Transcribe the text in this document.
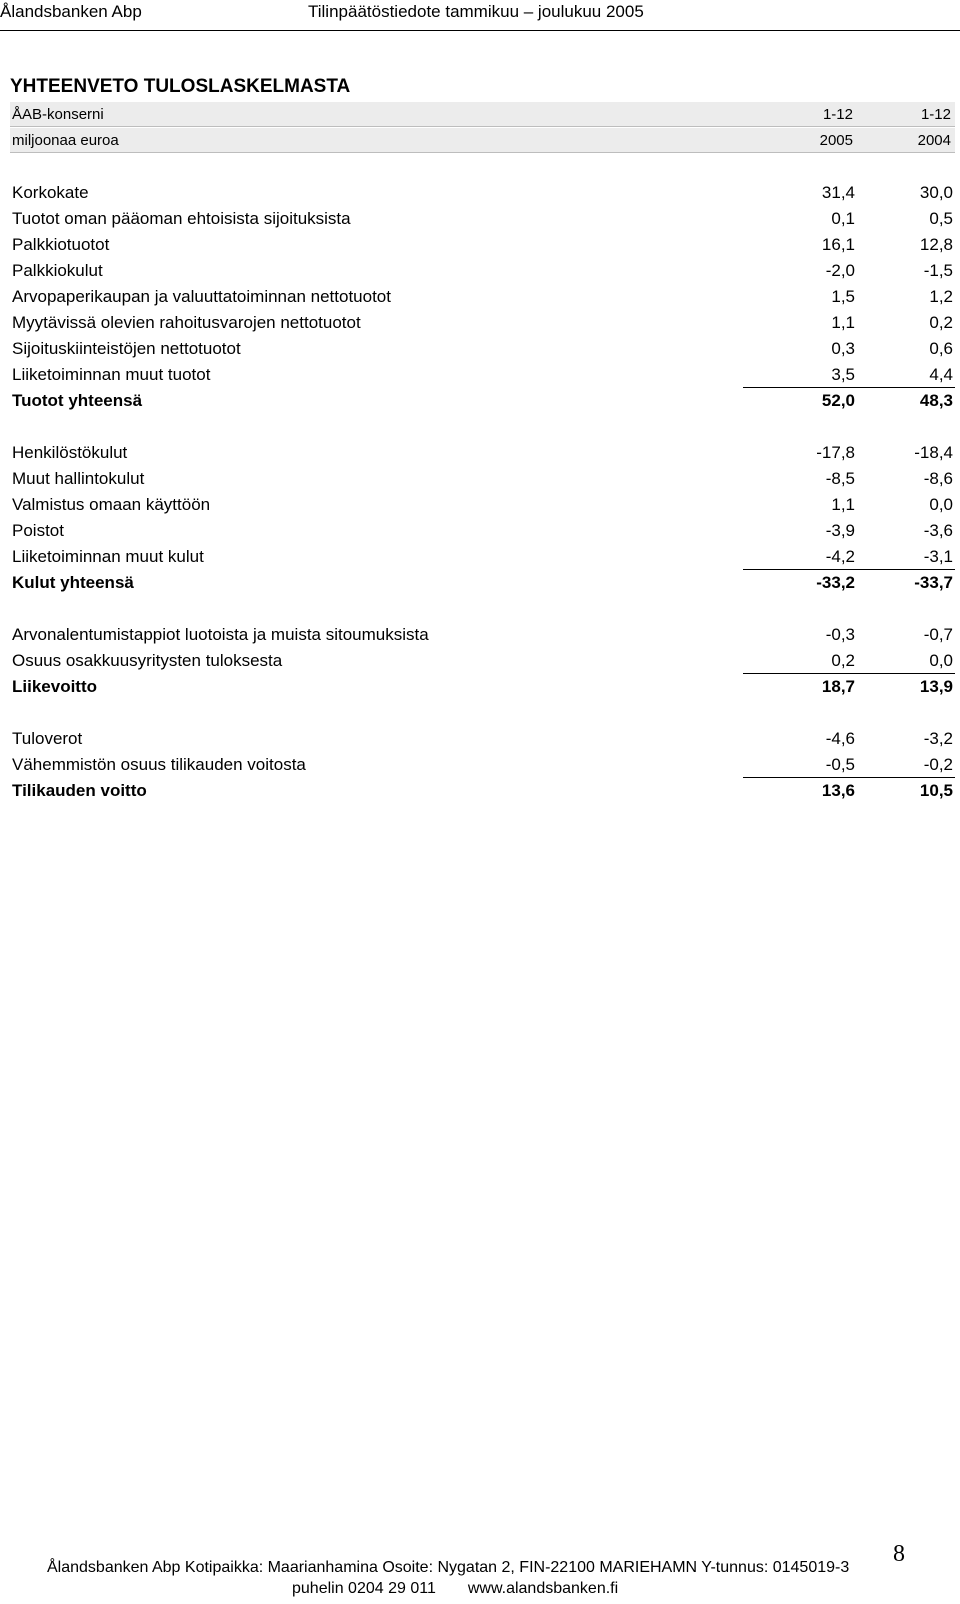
Ålandsbanken Abp	Tilinpäätöstiedote tammikuu – joulukuu 2005
YHTEENVETO TULOSLASKELMASTA
ÅAB-konserni	1-12	1-12
miljoonaa euroa	2005	2004
Korkokate	31,4	30,0
Tuotot oman pääoman ehtoisista sijoituksista	0,1	0,5
Palkkiotuotot	16,1	12,8
Palkkiokulut	-2,0	-1,5
Arvopaperikaupan ja valuuttatoiminnan nettotuotot	1,5	1,2
Myytävissä olevien rahoitusvarojen nettotuotot	1,1	0,2
Sijoituskiinteistöjen nettotuotot	0,3	0,6
Liiketoiminnan muut tuotot	3,5	4,4
Tuotot yhteensä	52,0	48,3
Henkilöstökulut	-17,8	-18,4
Muut hallintokulut	-8,5	-8,6
Valmistus omaan käyttöön	1,1	0,0
Poistot	-3,9	-3,6
Liiketoiminnan muut kulut	-4,2	-3,1
Kulut yhteensä	-33,2	-33,7
Arvonalentumistappiot luotoista ja muista sitoumuksista	-0,3	-0,7
Osuus osakkuusyritysten tuloksesta	0,2	0,0
Liikevoitto	18,7	13,9
Tuloverot	-4,6	-3,2
Vähemmistön osuus tilikauden voitosta	-0,5	-0,2
Tilikauden voitto	13,6	10,5
Ålandsbanken Abp Kotipaikka: Maarianhamina Osoite: Nygatan 2, FIN-22100 MARIEHAMN Y-tunnus: 0145019-3
puhelin 0204 29 011 www.alandsbanken.fi
8
